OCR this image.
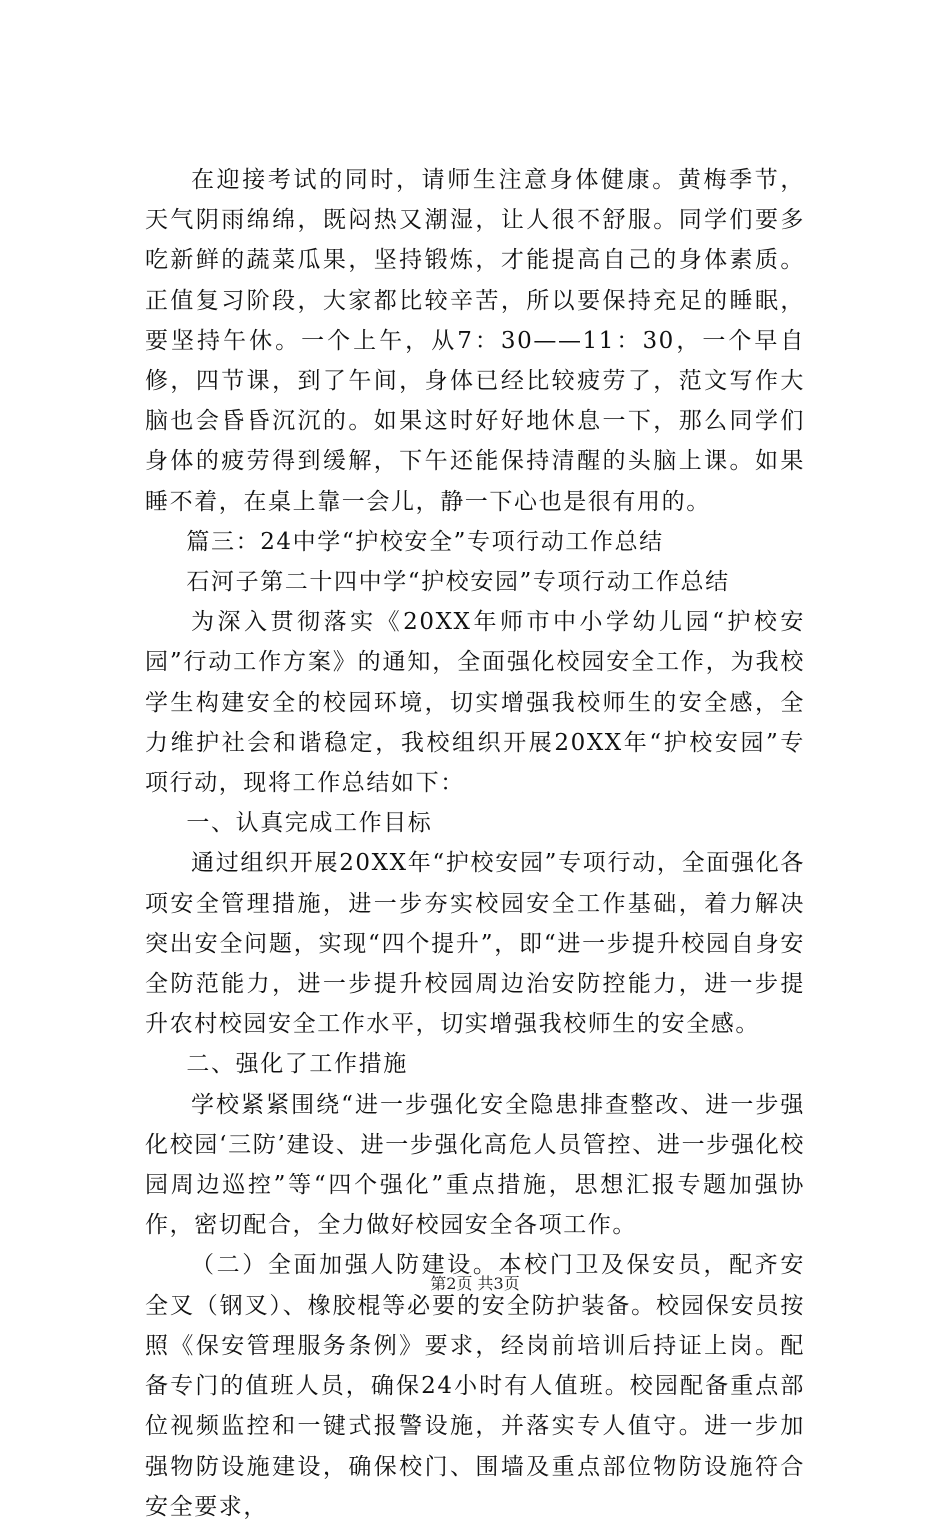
在迎接考试的同时，请师生注意身体健康。黄梅季节，天气阴雨绵绵，既闷热又潮湿，让人很不舒服。同学们要多吃新鲜的蔬菜瓜果，坚持锻炼，才能提高自己的身体素质。正值复习阶段，大家都比较辛苦，所以要保持充足的睡眠，要坚持午休。一个上午，从7：30——11：30，一个早自修，四节课，到了午间，身体已经比较疲劳了，范文写作大脑也会昏昏沉沉的。如果这时好好地休息一下，那么同学们身体的疲劳得到缓解，下午还能保持清醒的头脑上课。如果睡不着，在桌上靠一会儿，静一下心也是很有用的。

篇三：24中学“护校安全”专项行动工作总结

石河子第二十四中学“护校安园”专项行动工作总结

为深入贯彻落实《20XX年师市中小学幼儿园“护校安园”行动工作方案》的通知，全面强化校园安全工作，为我校学生构建安全的校园环境，切实增强我校师生的安全感，全力维护社会和谐稳定，我校组织开展20XX年“护校安园”专项行动，现将工作总结如下：

一、认真完成工作目标

通过组织开展20XX年“护校安园”专项行动，全面强化各项安全管理措施，进一步夯实校园安全工作基础，着力解决突出安全问题，实现“四个提升”，即“进一步提升校园自身安全防范能力，进一步提升校园周边治安防控能力，进一步提升农村校园安全工作水平，切实增强我校师生的安全感。

二、强化了工作措施

学校紧紧围绕“进一步强化安全隐患排查整改、进一步强化校园‘三防’建设、进一步强化高危人员管控、进一步强化校园周边巡控”等“四个强化”重点措施，思想汇报专题加强协作，密切配合，全力做好校园安全各项工作。

（二）全面加强人防建设。本校门卫及保安员，配齐安全叉（钢叉）、橡胶棍等必要的安全防护装备。校园保安员按照《保安管理服务条例》要求，经岗前培训后持证上岗。配备专门的值班人员，确保24小时有人值班。校园配备重点部位视频监控和一键式报警设施，并落实专人值守。进一步加强物防设施建设，确保校门、围墙及重点部位物防设施符合安全要求，

第2页 共3页
